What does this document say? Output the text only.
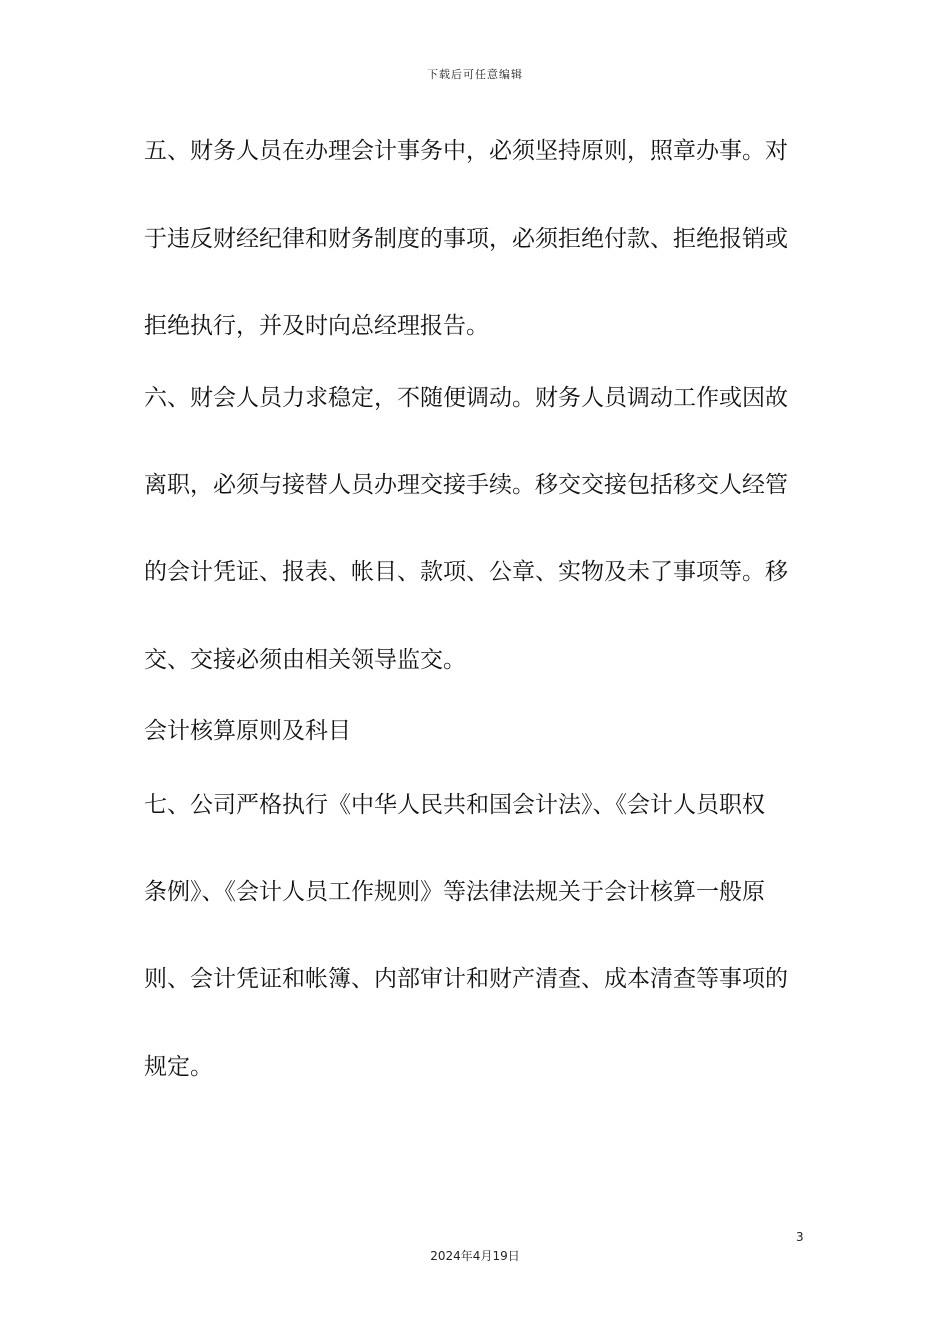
下载后可任意编辑
五、财务人员在办理会计事务中，必须坚持原则，照章办事。对
于违反财经纪律和财务制度的事项，必须拒绝付款、拒绝报销或
拒绝执行，并及时向总经理报告。
六、财会人员力求稳定，不随便调动。财务人员调动工作或因故
离职，必须与接替人员办理交接手续。移交交接包括移交人经管
的会计凭证、报表、帐目、款项、公章、实物及未了事项等。移
交、交接必须由相关领导监交。
会计核算原则及科目
七、公司严格执行《中华人民共和国会计法》、《会计人员职权
条例》、《会计人员工作规则》等法律法规关于会计核算一般原
则、会计凭证和帐簿、内部审计和财产清查、成本清查等事项的
规定。
3
2024年4月19日
